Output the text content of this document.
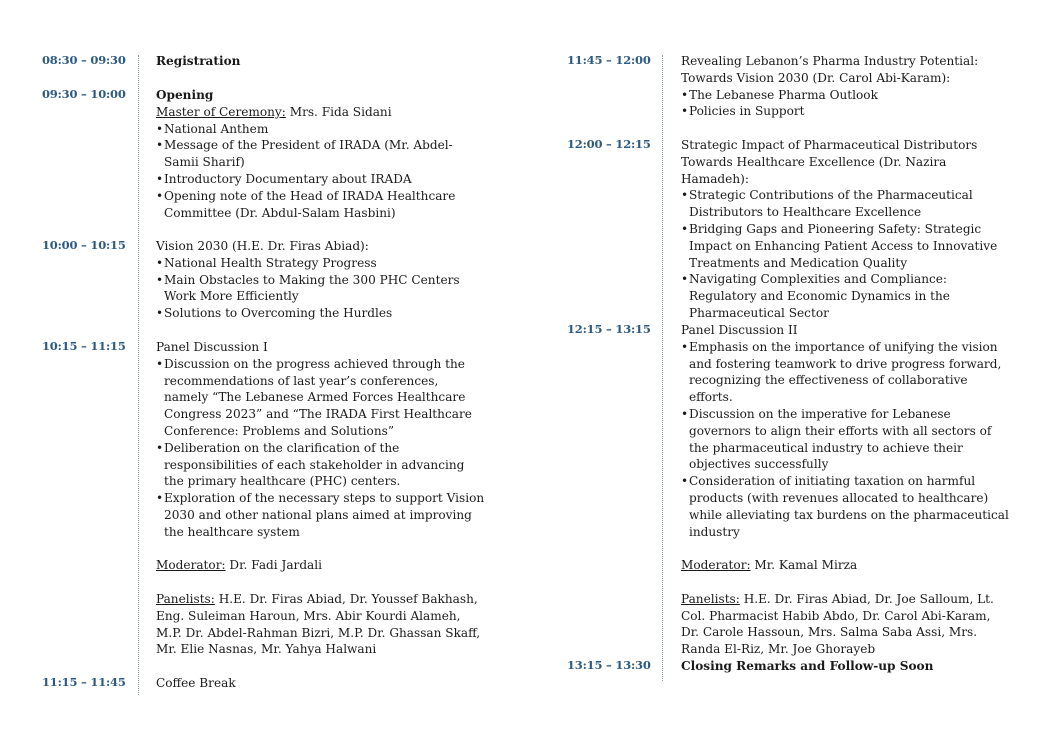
08:30 – 09:30	Registration
09:30 – 10:00	Opening
Master of Ceremony: Mrs. Fida Sidani
• National Anthem
• Message of the President of IRADA (Mr. Abdel-Samii Sharif)
• Introductory Documentary about IRADA
• Opening note of the Head of IRADA Healthcare Committee (Dr. Abdul-Salam Hasbini)
10:00 – 10:15	Vision 2030 (H.E. Dr. Firas Abiad):
• National Health Strategy Progress
• Main Obstacles to Making the 300 PHC Centers Work More Efficiently
• Solutions to Overcoming the Hurdles
10:15 – 11:15	Panel Discussion I
• Discussion on the progress achieved through the recommendations of last year’s conferences, namely “The Lebanese Armed Forces Healthcare Congress 2023” and “The IRADA First Healthcare Conference: Problems and Solutions”
• Deliberation on the clarification of the responsibilities of each stakeholder in advancing the primary healthcare (PHC) centers.
• Exploration of the necessary steps to support Vision 2030 and other national plans aimed at improving the healthcare system
Moderator: Dr. Fadi Jardali
Panelists: H.E. Dr. Firas Abiad, Dr. Youssef Bakhash, Eng. Suleiman Haroun, Mrs. Abir Kourdi Alameh, M.P. Dr. Abdel-Rahman Bizri, M.P. Dr. Ghassan Skaff, Mr. Elie Nasnas, Mr. Yahya Halwani
11:15 – 11:45	Coffee Break
11:45 – 12:00	Revealing Lebanon’s Pharma Industry Potential: Towards Vision 2030 (Dr. Carol Abi-Karam):
• The Lebanese Pharma Outlook
• Policies in Support
12:00 – 12:15	Strategic Impact of Pharmaceutical Distributors Towards Healthcare Excellence (Dr. Nazira Hamadeh):
• Strategic Contributions of the Pharmaceutical Distributors to Healthcare Excellence
• Bridging Gaps and Pioneering Safety: Strategic Impact on Enhancing Patient Access to Innovative Treatments and Medication Quality
• Navigating Complexities and Compliance: Regulatory and Economic Dynamics in the Pharmaceutical Sector
12:15 – 13:15	Panel Discussion II
• Emphasis on the importance of unifying the vision and fostering teamwork to drive progress forward, recognizing the effectiveness of collaborative efforts.
• Discussion on the imperative for Lebanese governors to align their efforts with all sectors of the pharmaceutical industry to achieve their objectives successfully
• Consideration of initiating taxation on harmful products (with revenues allocated to healthcare) while alleviating tax burdens on the pharmaceutical industry
Moderator: Mr. Kamal Mirza
Panelists: H.E. Dr. Firas Abiad, Dr. Joe Salloum, Lt. Col. Pharmacist Habib Abdo, Dr. Carol Abi-Karam, Dr. Carole Hassoun, Mrs. Salma Saba Assi, Mrs. Randa El-Riz, Mr. Joe Ghorayeb
13:15 – 13:30	Closing Remarks and Follow-up Soon
